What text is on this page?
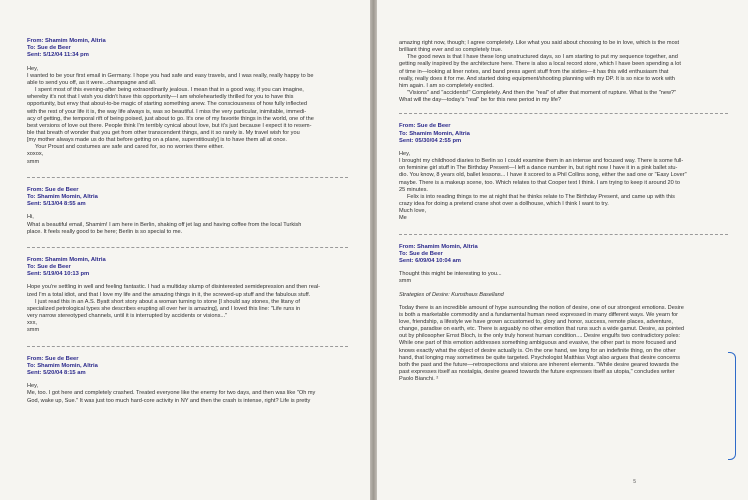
From: Shamim Momin, Altria
To: Sue de Beer
Sent: 5/12/04 11:34 pm

Hey,

I wanted to be your first email in Germany. I hope you had safe and easy travels, and I was really, really happy to be

able to send you off, as it were...champagne and all.

I spent most of this evening-after being extraordinarily jealous. I mean that in a good way, if you can imagine,

whereby it's not that I wish you didn't have this opportunity—I am wholeheartedly thrilled for you to have this

opportunity, but envy that about-to-be magic of starting something anew. The consciousness of how fully inflected

with the rest of your life it is, the way life always is, was so beautiful. I miss the very particular, inimitable, immedi-

acy of getting, the temporal rift of being poised, just about to go. It's one of my favorite things in the world, one of the

best versions of love out there. People think I'm terribly cynical about love, but it's just because I expect it to resem-

ble that breath of wonder that you get from other transcendent things, and it so rarely is. My travel wish for you

[my mother always made us do that before getting on a plane, superstitiously] is to have them all at once.

Your Proust and costumes are safe and cared for, so no worries there either.

xoxox,

smm

From: Sue de Beer
To: Shamim Momin, Altria
Sent: 5/13/04 8:55 am

Hi,

What a beautiful email, Shamim! I am here in Berlin, shaking off jet lag and having coffee from the local Turkish

place. It feels really good to be here; Berlin is so special to me.

From: Shamim Momin, Altria
To: Sue de Beer
Sent: 5/19/04 10:13 pm

Hope you're settling in well and feeling fantastic. I had a multiday slump of disinterested semidepression and then real-

ized I'm a total idiot, and that I love my life and the amazing things in it, the screwed-up stuff and the fabulous stuff.

I just read this in an A.S. Byatt short story about a woman turning to stone [I should say stones, the litany of

specialized petrological types she describes erupting all over her is amazing], and I loved this line: "Life runs in

very narrow stereotyped channels, until it is interrupted by accidents or visions..."

xxx,

smm

From: Sue de Beer
To: Shamim Momin, Altria
Sent: 5/20/04 8:15 am

Hey,

Me, too. I got here and completely crashed. Treated everyone like the enemy for two days, and then was like "Oh my

God, wake up, Sue." It was just too much hard-core activity in NY and then the crash is intense, right? Life is pretty

amazing right now, though; I agree completely. Like what you said about choosing to be in love, which is the most

brilliant thing ever and so completely true.

The good news is that I have these long unstructured days, so I am starting to put my sequence together, and

getting really inspired by the architecture here. There is also a local record store, which I have been spending a lot

of time in—looking at liner notes, and band press agent stuff from the sixties—it has this wild enthusiasm that

really, really does it for me. And started doing equipment/shooting planning with my DP. It is so nice to work with

him again. I am so completely excited.

"Visions" and "accidents!" Completely. And then the "real" of after that moment of rupture. What is the "new?"

What will the day—today's "real" be for this new period in my life?

From: Sue de Beer
To: Shamim Momin, Altria
Sent: 05/30/04 2:55 pm

Hey,

I brought my childhood diaries to Berlin so I could examine them in an intense and focused way. There is some full-

on feminine girl stuff in The Birthday Present—I left a dance number in, but right now I have it in a pink ballet stu-

dio. You know, 8 years old, ballet lessons... I have it scored to a Phil Collins song, either the sad one or "Easy Lover"

maybe. There is a makeup scene, too. Which relates to that Cooper text I think. I am trying to keep it around 20 to

25 minutes.

Felix is into reading things to me at night that he thinks relate to The Birthday Present, and came up with this

crazy idea for doing a pretend crane shot over a dollhouse, which I think I want to try.

Much love,

Me

From: Shamim Momin, Altria
To: Sue de Beer
Sent: 6/09/04 10:04 am

Thought this might be interesting to you...

smm

Strategies of Desire: Kunsthaus Baselland

Today there is an incredible amount of hype surrounding the notion of desire, one of our strongest emotions. Desire

is both a marketable commodity and a fundamental human need expressed in many different ways. We yearn for

love, friendship, a lifestyle we have grown accustomed to, glory and honor, success, remote places, adventure,

change, paradise on earth, etc. There is arguably no other emotion that runs such a wide gamut. Desire, as pointed

out by philosopher Ernst Bloch, is the only truly honest human condition.... Desire engulfs two contradictory poles:

While one part of this emotion addresses something ambiguous and evasive, the other part is more focused and

knows exactly what the object of desire actually is. On the one hand, we long for an indefinite thing, on the other

hand, that longing may sometimes be quite targeted. Psychologist Matthias Vogt also argues that desire concerns

both the past and the future—retrospections and visions are inherent elements. "While desire geared towards the

past expresses itself as nostalgia, desire geared towards the future expresses itself as utopia," concludes writer

Paolo Bianchi. ²

5
